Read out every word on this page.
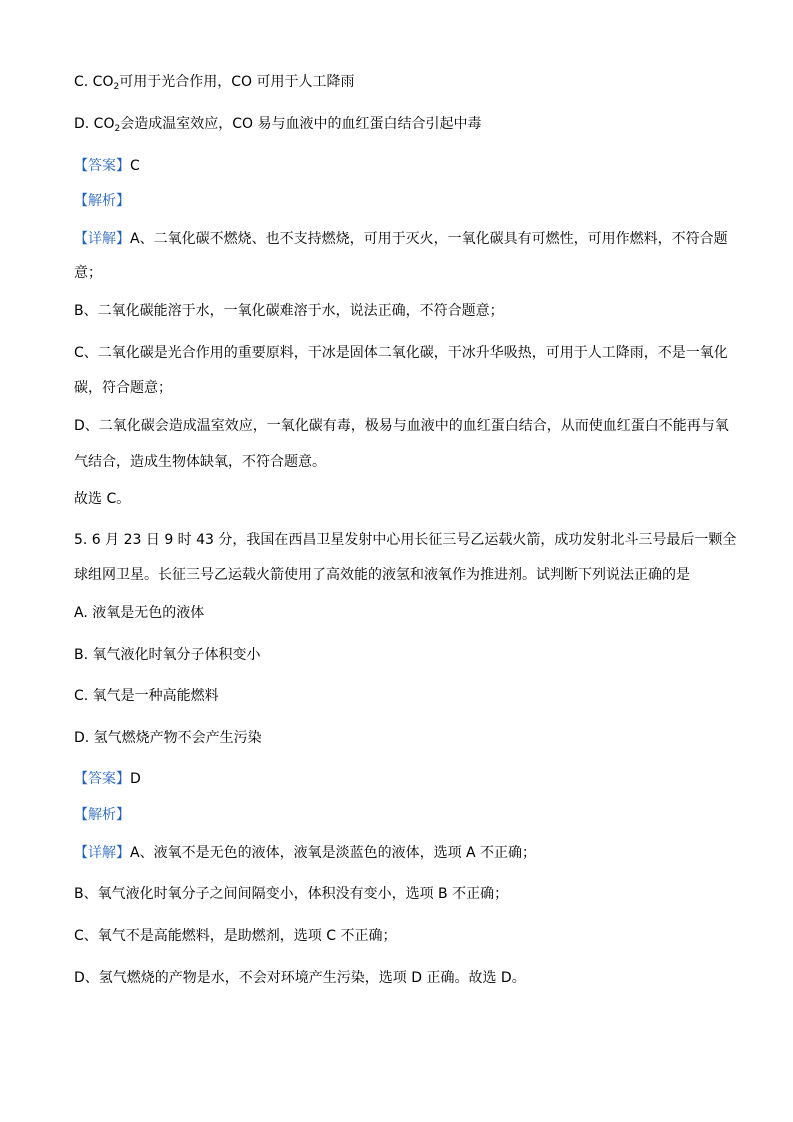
C. $CO_2$可用于光合作用，CO 可用于人工降雨
D. $CO_2$会造成温室效应，CO 易与血液中的血红蛋白结合引起中毒
【答案】C
【解析】
【详解】A、二氧化碳不燃烧、也不支持燃烧，可用于灭火，一氧化碳具有可燃性，可用作燃料，不符合题
意；
B、二氧化碳能溶于水，一氧化碳难溶于水，说法正确，不符合题意；
C、二氧化碳是光合作用的重要原料，干冰是固体二氧化碳，干冰升华吸热，可用于人工降雨，不是一氧化
碳，符合题意；
D、二氧化碳会造成温室效应，一氧化碳有毒，极易与血液中的血红蛋白结合，从而使血红蛋白不能再与氧
气结合，造成生物体缺氧，不符合题意。
故选 C。
5. 6 月 23 日 9 时 43 分，我国在西昌卫星发射中心用长征三号乙运载火箭，成功发射北斗三号最后一颗全
球组网卫星。长征三号乙运载火箭使用了高效能的液氢和液氧作为推进剂。试判断下列说法正确的是
A. 液氧是无色的液体
B. 氧气液化时氧分子体积变小
C. 氧气是一种高能燃料
D. 氢气燃烧产物不会产生污染
【答案】D
【解析】
【详解】A、液氧不是无色的液体，液氧是淡蓝色的液体，选项 A 不正确；
B、氧气液化时氧分子之间间隔变小，体积没有变小，选项 B 不正确；
C、氧气不是高能燃料，是助燃剂，选项 C 不正确；
D、氢气燃烧的产物是水，不会对环境产生污染，选项 D 正确。故选 D。
